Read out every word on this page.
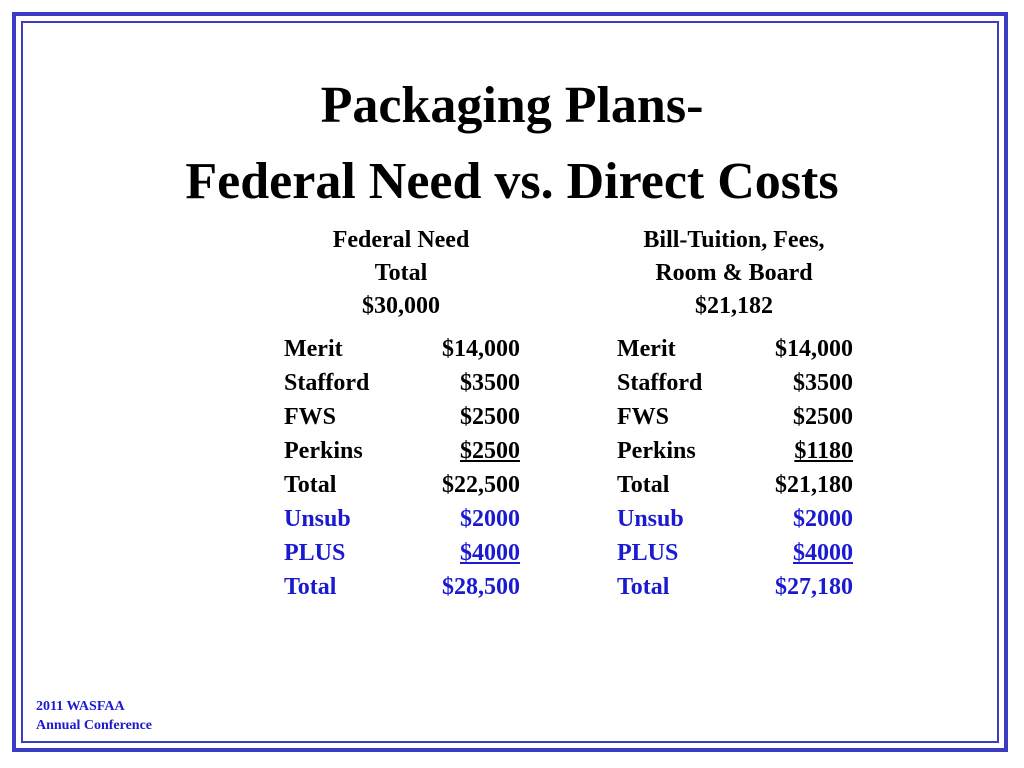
Packaging Plans-
Federal Need vs. Direct Costs
Federal Need
Total
$30,000
Merit	$14,000
Stafford	$3500
FWS	$2500
Perkins	$2500
Total	$22,500
Unsub	$2000
PLUS	$4000
Total	$28,500
Bill-Tuition, Fees,
Room & Board
$21,182
Merit	$14,000
Stafford	$3500
FWS	$2500
Perkins	$1180
Total	$21,180
Unsub	$2000
PLUS	$4000
Total	$27,180
2011 WASFAA
Annual Conference
